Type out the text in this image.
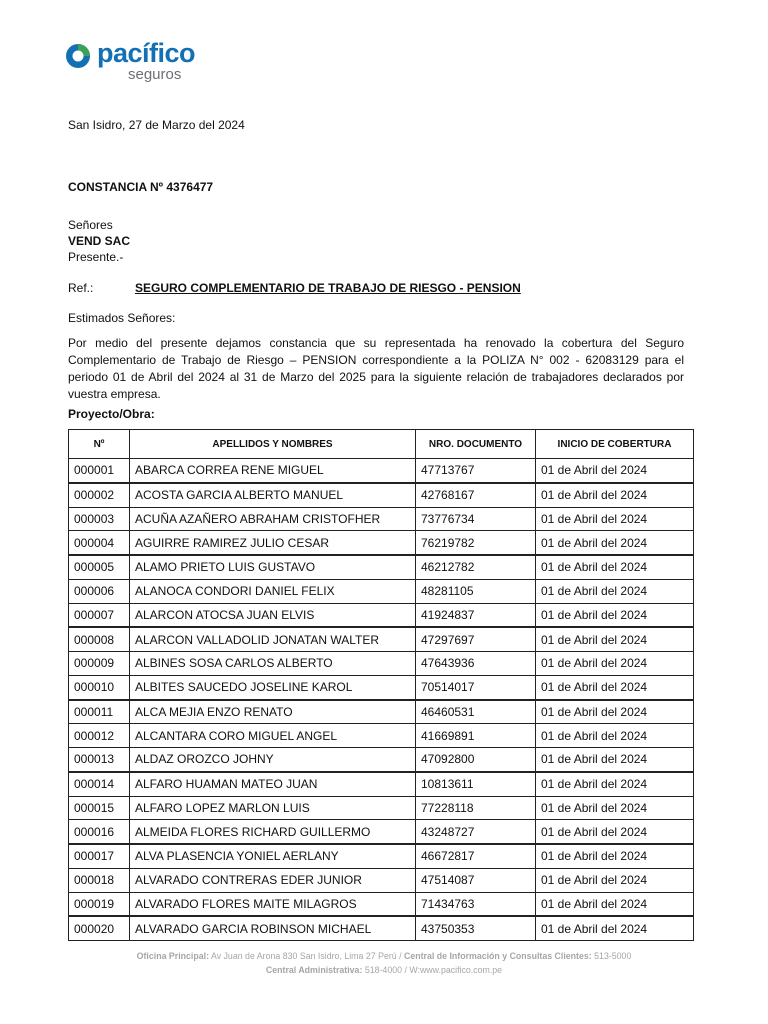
pacífico
seguros

San Isidro, 27 de Marzo del 2024

CONSTANCIA Nº 4376477

Señores

VEND SAC

Presente.-

Ref.:	SEGURO COMPLEMENTARIO DE TRABAJO DE RIESGO - PENSION

Estimados Señores:

Por medio del presente dejamos constancia que su representada ha renovado la cobertura del Seguro Complementario de Trabajo de Riesgo – PENSION correspondiente a la POLIZA N° 002 - 62083129 para el periodo 01 de Abril del 2024 al 31 de Marzo del 2025 para la siguiente relación de trabajadores declarados por vuestra empresa.

Proyecto/Obra:

Nº	APELLIDOS Y NOMBRES	NRO. DOCUMENTO	INICIO DE COBERTURA
000001	ABARCA CORREA RENE MIGUEL	47713767	01 de Abril del 2024
000002	ACOSTA GARCIA ALBERTO MANUEL	42768167	01 de Abril del 2024
000003	ACUÑA AZAÑERO ABRAHAM CRISTOFHER	73776734	01 de Abril del 2024
000004	AGUIRRE RAMIREZ JULIO CESAR	76219782	01 de Abril del 2024
000005	ALAMO PRIETO LUIS GUSTAVO	46212782	01 de Abril del 2024
000006	ALANOCA CONDORI DANIEL FELIX	48281105	01 de Abril del 2024
000007	ALARCON ATOCSA JUAN ELVIS	41924837	01 de Abril del 2024
000008	ALARCON VALLADOLID JONATAN WALTER	47297697	01 de Abril del 2024
000009	ALBINES SOSA CARLOS ALBERTO	47643936	01 de Abril del 2024
000010	ALBITES SAUCEDO JOSELINE KAROL	70514017	01 de Abril del 2024
000011	ALCA MEJIA ENZO RENATO	46460531	01 de Abril del 2024
000012	ALCANTARA CORO MIGUEL ANGEL	41669891	01 de Abril del 2024
000013	ALDAZ OROZCO JOHNY	47092800	01 de Abril del 2024
000014	ALFARO HUAMAN MATEO JUAN	10813611	01 de Abril del 2024
000015	ALFARO LOPEZ MARLON LUIS	77228118	01 de Abril del 2024
000016	ALMEIDA FLORES RICHARD GUILLERMO	43248727	01 de Abril del 2024
000017	ALVA PLASENCIA YONIEL AERLANY	46672817	01 de Abril del 2024
000018	ALVARADO CONTRERAS EDER JUNIOR	47514087	01 de Abril del 2024
000019	ALVARADO FLORES MAITE MILAGROS	71434763	01 de Abril del 2024
000020	ALVARADO GARCIA ROBINSON MICHAEL	43750353	01 de Abril del 2024
Oficina Principal: Av Juan de Arona 830 San Isidro, Lima 27 Perú / Central de Información y Consultas Clientes: 513-5000
Central Administrativa: 518-4000 / W:www.pacifico.com.pe
